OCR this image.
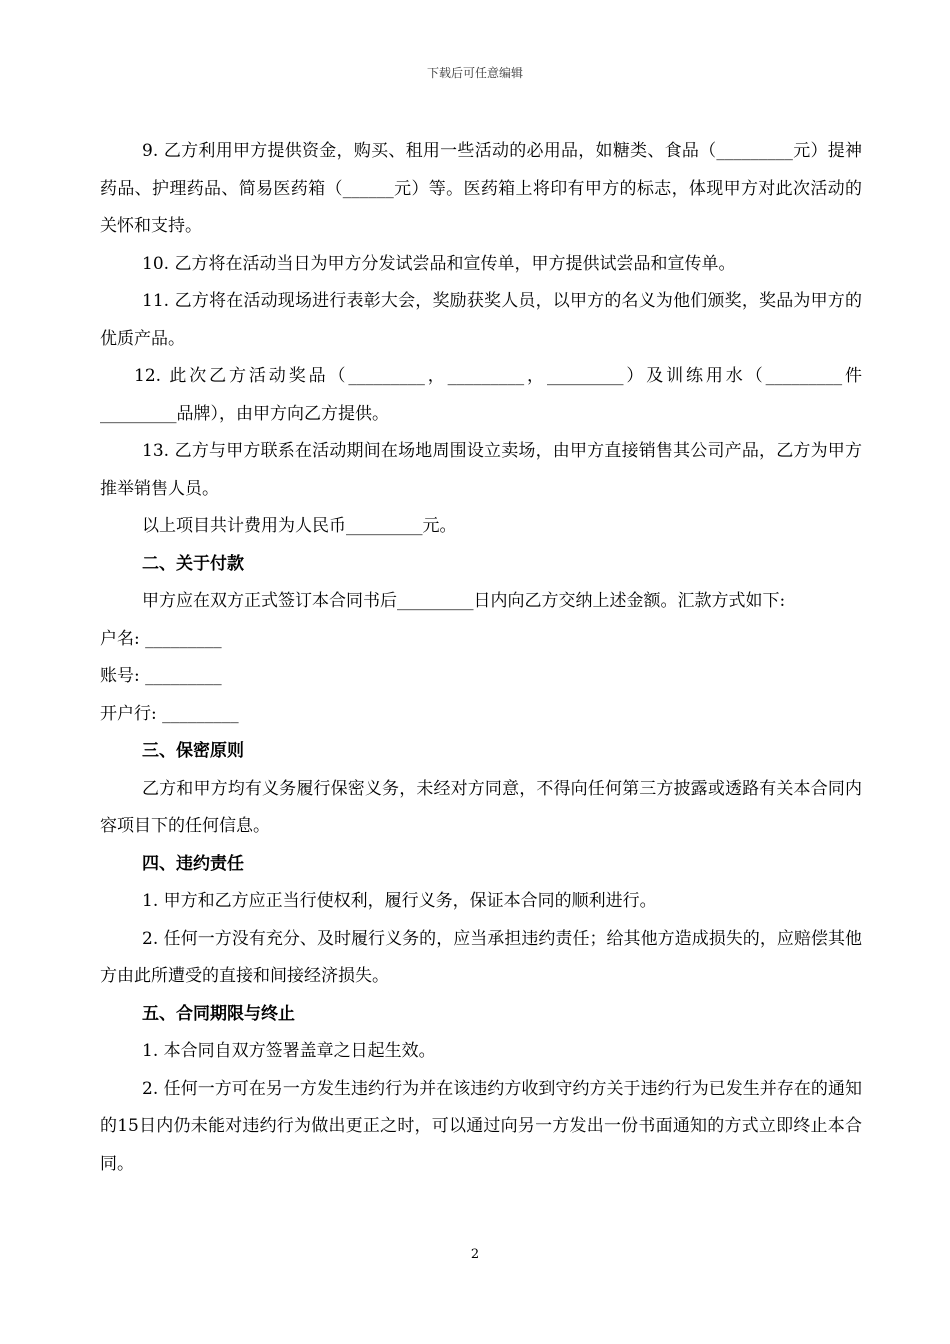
下载后可任意编辑

9. 乙方利用甲方提供资金，购买、租用一些活动的必用品，如糖类、食品（_________元）提神药品、护理药品、简易医药箱（______元）等。医药箱上将印有甲方的标志，体现甲方对此次活动的关怀和支持。

10. 乙方将在活动当日为甲方分发试尝品和宣传单，甲方提供试尝品和宣传单。

11. 乙方将在活动现场进行表彰大会，奖励获奖人员，以甲方的名义为他们颁奖，奖品为甲方的优质产品。

12. 此次乙方活动奖品（_________，_________，_________）及训练用水（_________件_________品牌），由甲方向乙方提供。

13. 乙方与甲方联系在活动期间在场地周围设立卖场，由甲方直接销售其公司产品，乙方为甲方推举销售人员。

以上项目共计费用为人民币_________元。

二、关于付款

甲方应在双方正式签订本合同书后_________日内向乙方交纳上述金额。汇款方式如下:

户名: _________

账号: _________

开户行: _________

三、保密原则

乙方和甲方均有义务履行保密义务，未经对方同意，不得向任何第三方披露或透路有关本合同内容项目下的任何信息。

四、违约责任

1. 甲方和乙方应正当行使权利，履行义务，保证本合同的顺利进行。

2. 任何一方没有充分、及时履行义务的，应当承担违约责任；给其他方造成损失的，应赔偿其他方由此所遭受的直接和间接经济损失。

五、合同期限与终止

1. 本合同自双方签署盖章之日起生效。

2. 任何一方可在另一方发生违约行为并在该违约方收到守约方关于违约行为已发生并存在的通知的15日内仍未能对违约行为做出更正之时，可以通过向另一方发出一份书面通知的方式立即终止本合同。

2
